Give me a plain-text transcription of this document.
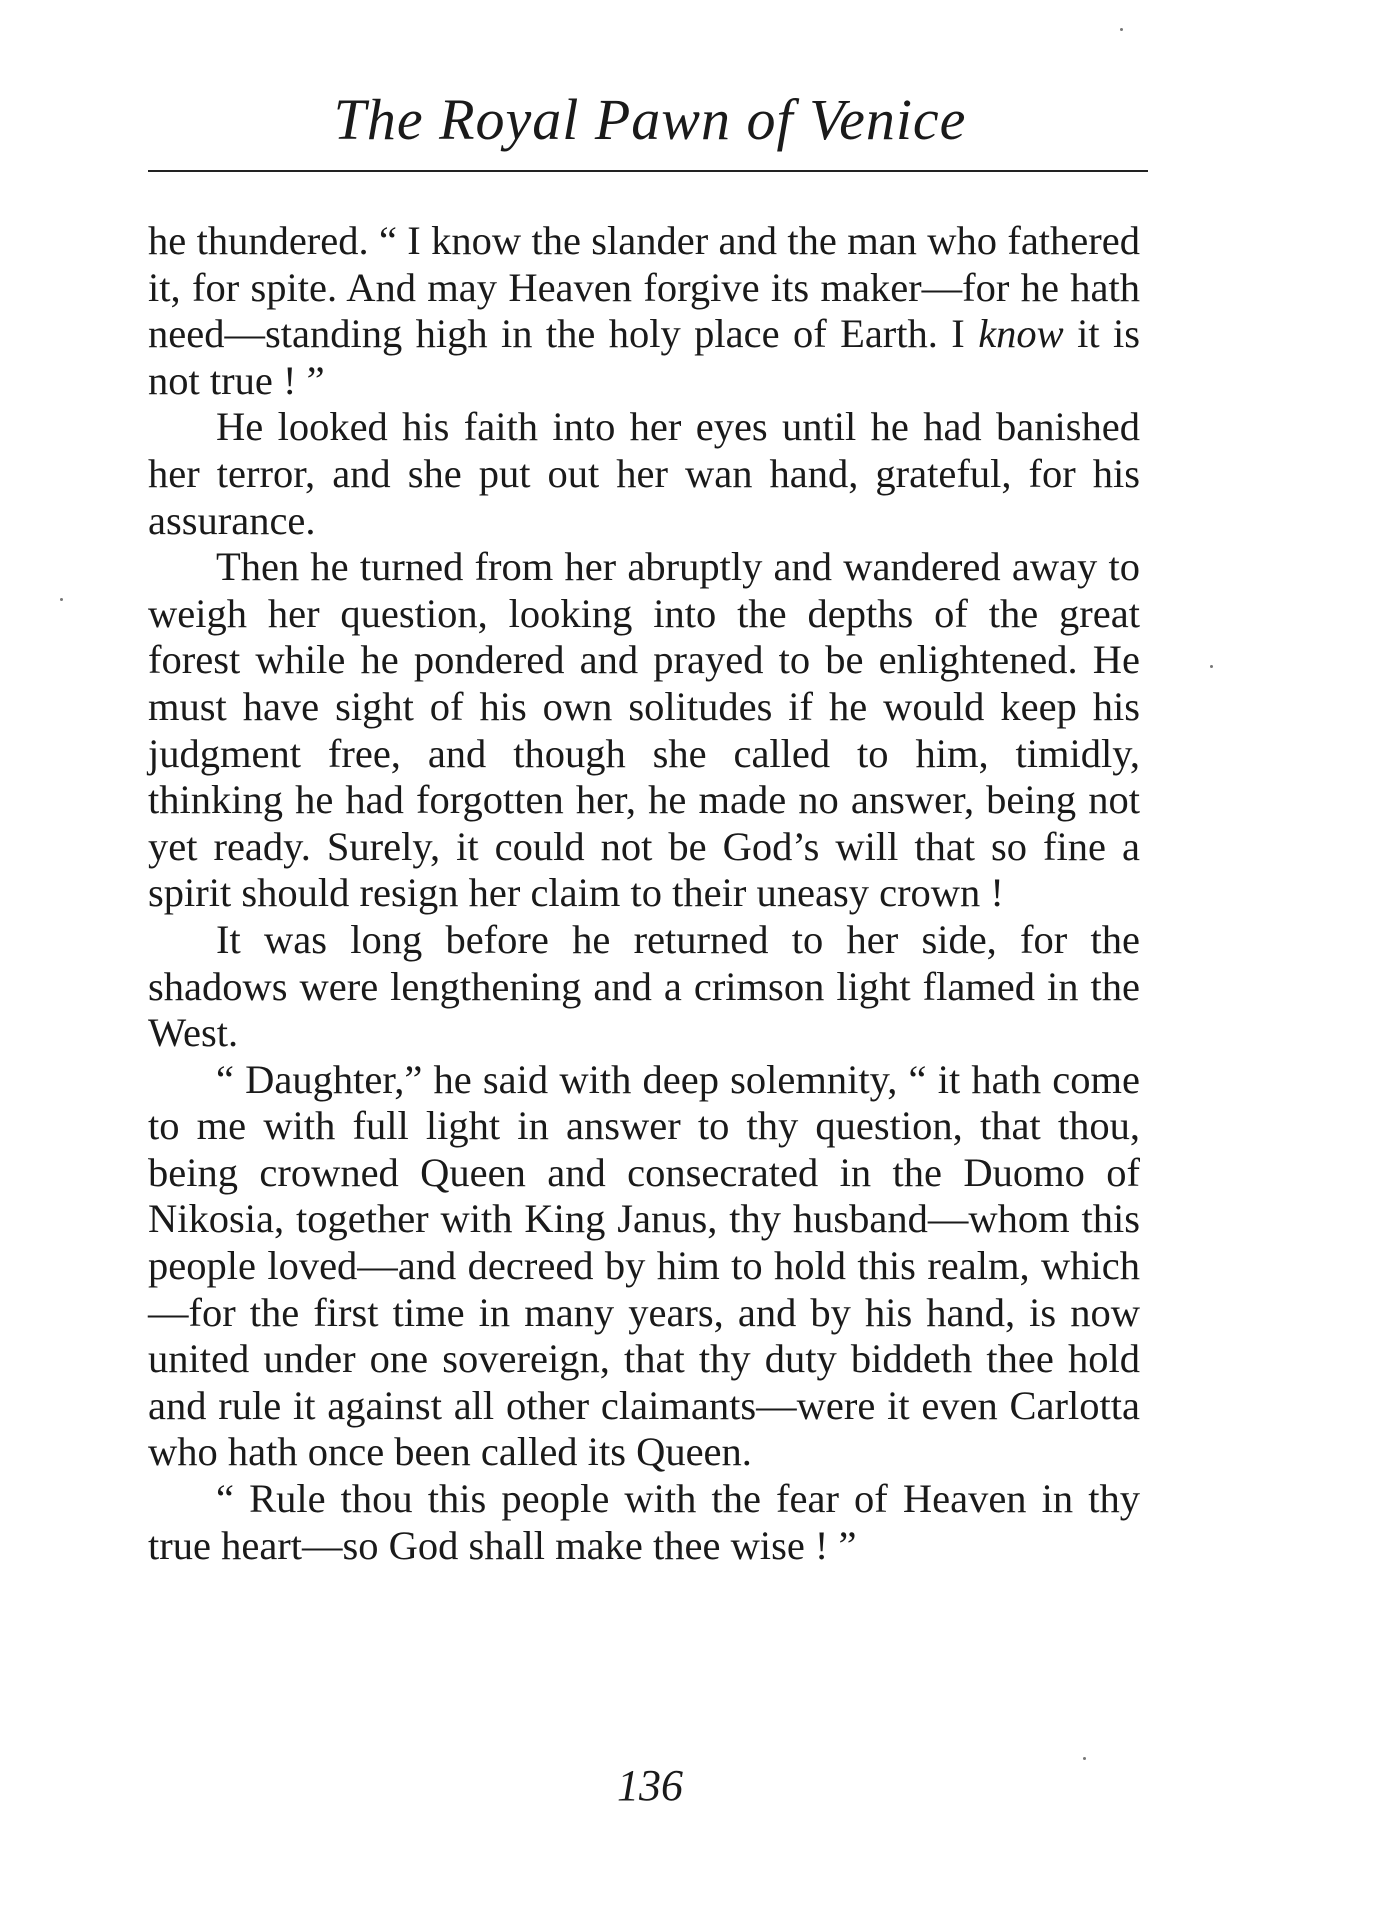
The Royal Pawn of Venice

he thundered. “ I know the slander and the man who fathered it, for spite. And may Heaven forgive its maker—for he hath need—standing high in the holy place of Earth. I know it is not true ! ”

He looked his faith into her eyes until he had banished her terror, and she put out her wan hand, grateful, for his assurance.

Then he turned from her abruptly and wandered away to weigh her question, looking into the depths of the great forest while he pondered and prayed to be enlightened. He must have sight of his own solitudes if he would keep his judgment free, and though she called to him, timidly, thinking he had forgotten her, he made no answer, being not yet ready. Surely, it could not be God’s will that so fine a spirit should resign her claim to their uneasy crown !

It was long before he returned to her side, for the shadows were lengthening and a crimson light flamed in the West.

“ Daughter,” he said with deep solemnity, “ it hath come to me with full light in answer to thy question, that thou, being crowned Queen and consecrated in the Duomo of Nikosia, together with King Janus, thy husband—whom this people loved—and decreed by him to hold this realm, which—for the first time in many years, and by his hand, is now united under one sovereign, that thy duty biddeth thee hold and rule it against all other claimants—were it even Carlotta who hath once been called its Queen.

“ Rule thou this people with the fear of Heaven in thy true heart—so God shall make thee wise ! ”

136
